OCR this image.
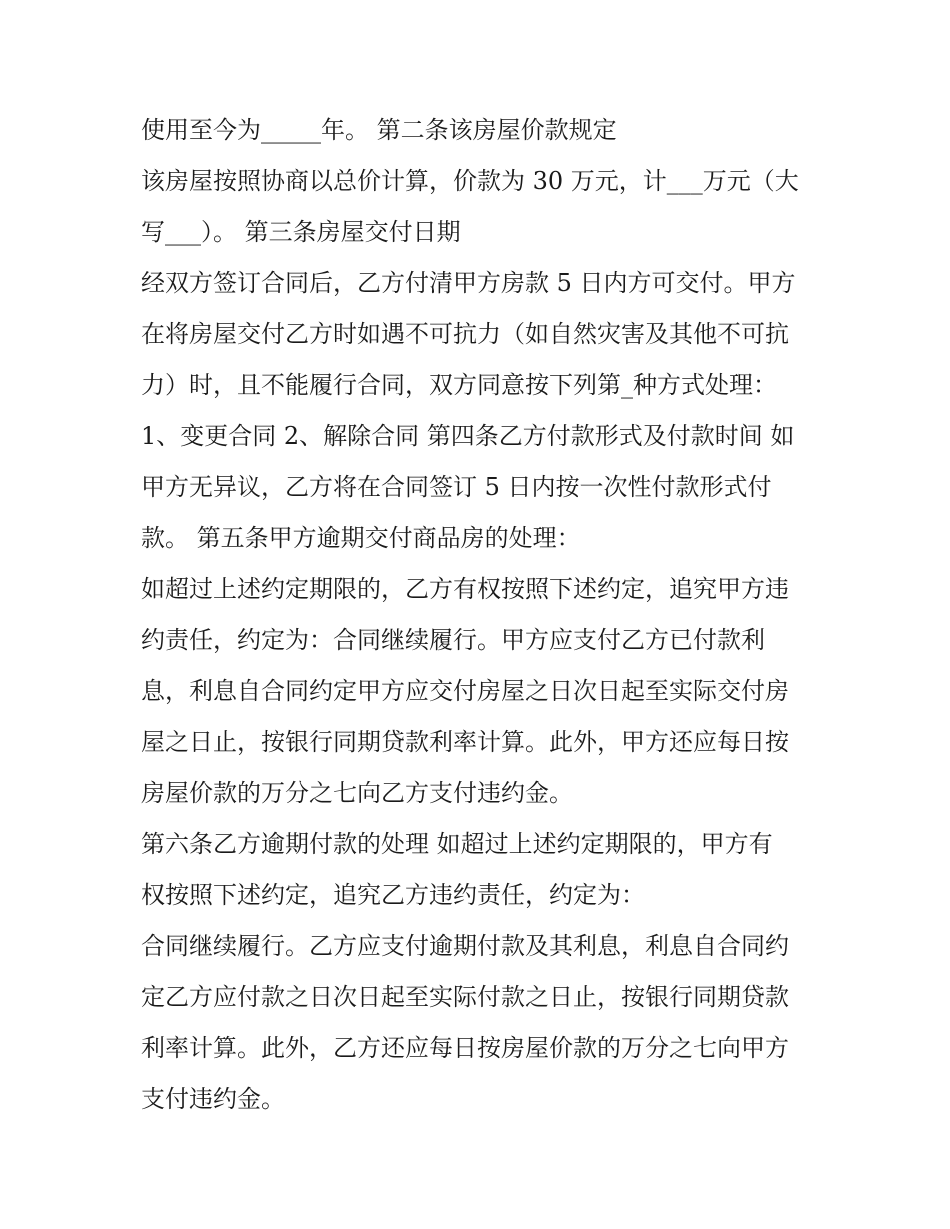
使用至今为_____年。 第二条该房屋价款规定

该房屋按照协商以总价计算，价款为 30 万元，计___万元（大

写___）。 第三条房屋交付日期

经双方签订合同后，乙方付清甲方房款 5 日内方可交付。甲方

在将房屋交付乙方时如遇不可抗力（如自然灾害及其他不可抗

力）时，且不能履行合同，双方同意按下列第_种方式处理：

1、变更合同 2、解除合同 第四条乙方付款形式及付款时间 如

甲方无异议，乙方将在合同签订 5 日内按一次性付款形式付

款。 第五条甲方逾期交付商品房的处理：

如超过上述约定期限的，乙方有权按照下述约定，追究甲方违

约责任，约定为：合同继续履行。甲方应支付乙方已付款利

息，利息自合同约定甲方应交付房屋之日次日起至实际交付房

屋之日止，按银行同期贷款利率计算。此外，甲方还应每日按

房屋价款的万分之七向乙方支付违约金。

第六条乙方逾期付款的处理 如超过上述约定期限的，甲方有

权按照下述约定，追究乙方违约责任，约定为：

合同继续履行。乙方应支付逾期付款及其利息，利息自合同约

定乙方应付款之日次日起至实际付款之日止，按银行同期贷款

利率计算。此外，乙方还应每日按房屋价款的万分之七向甲方

支付违约金。
